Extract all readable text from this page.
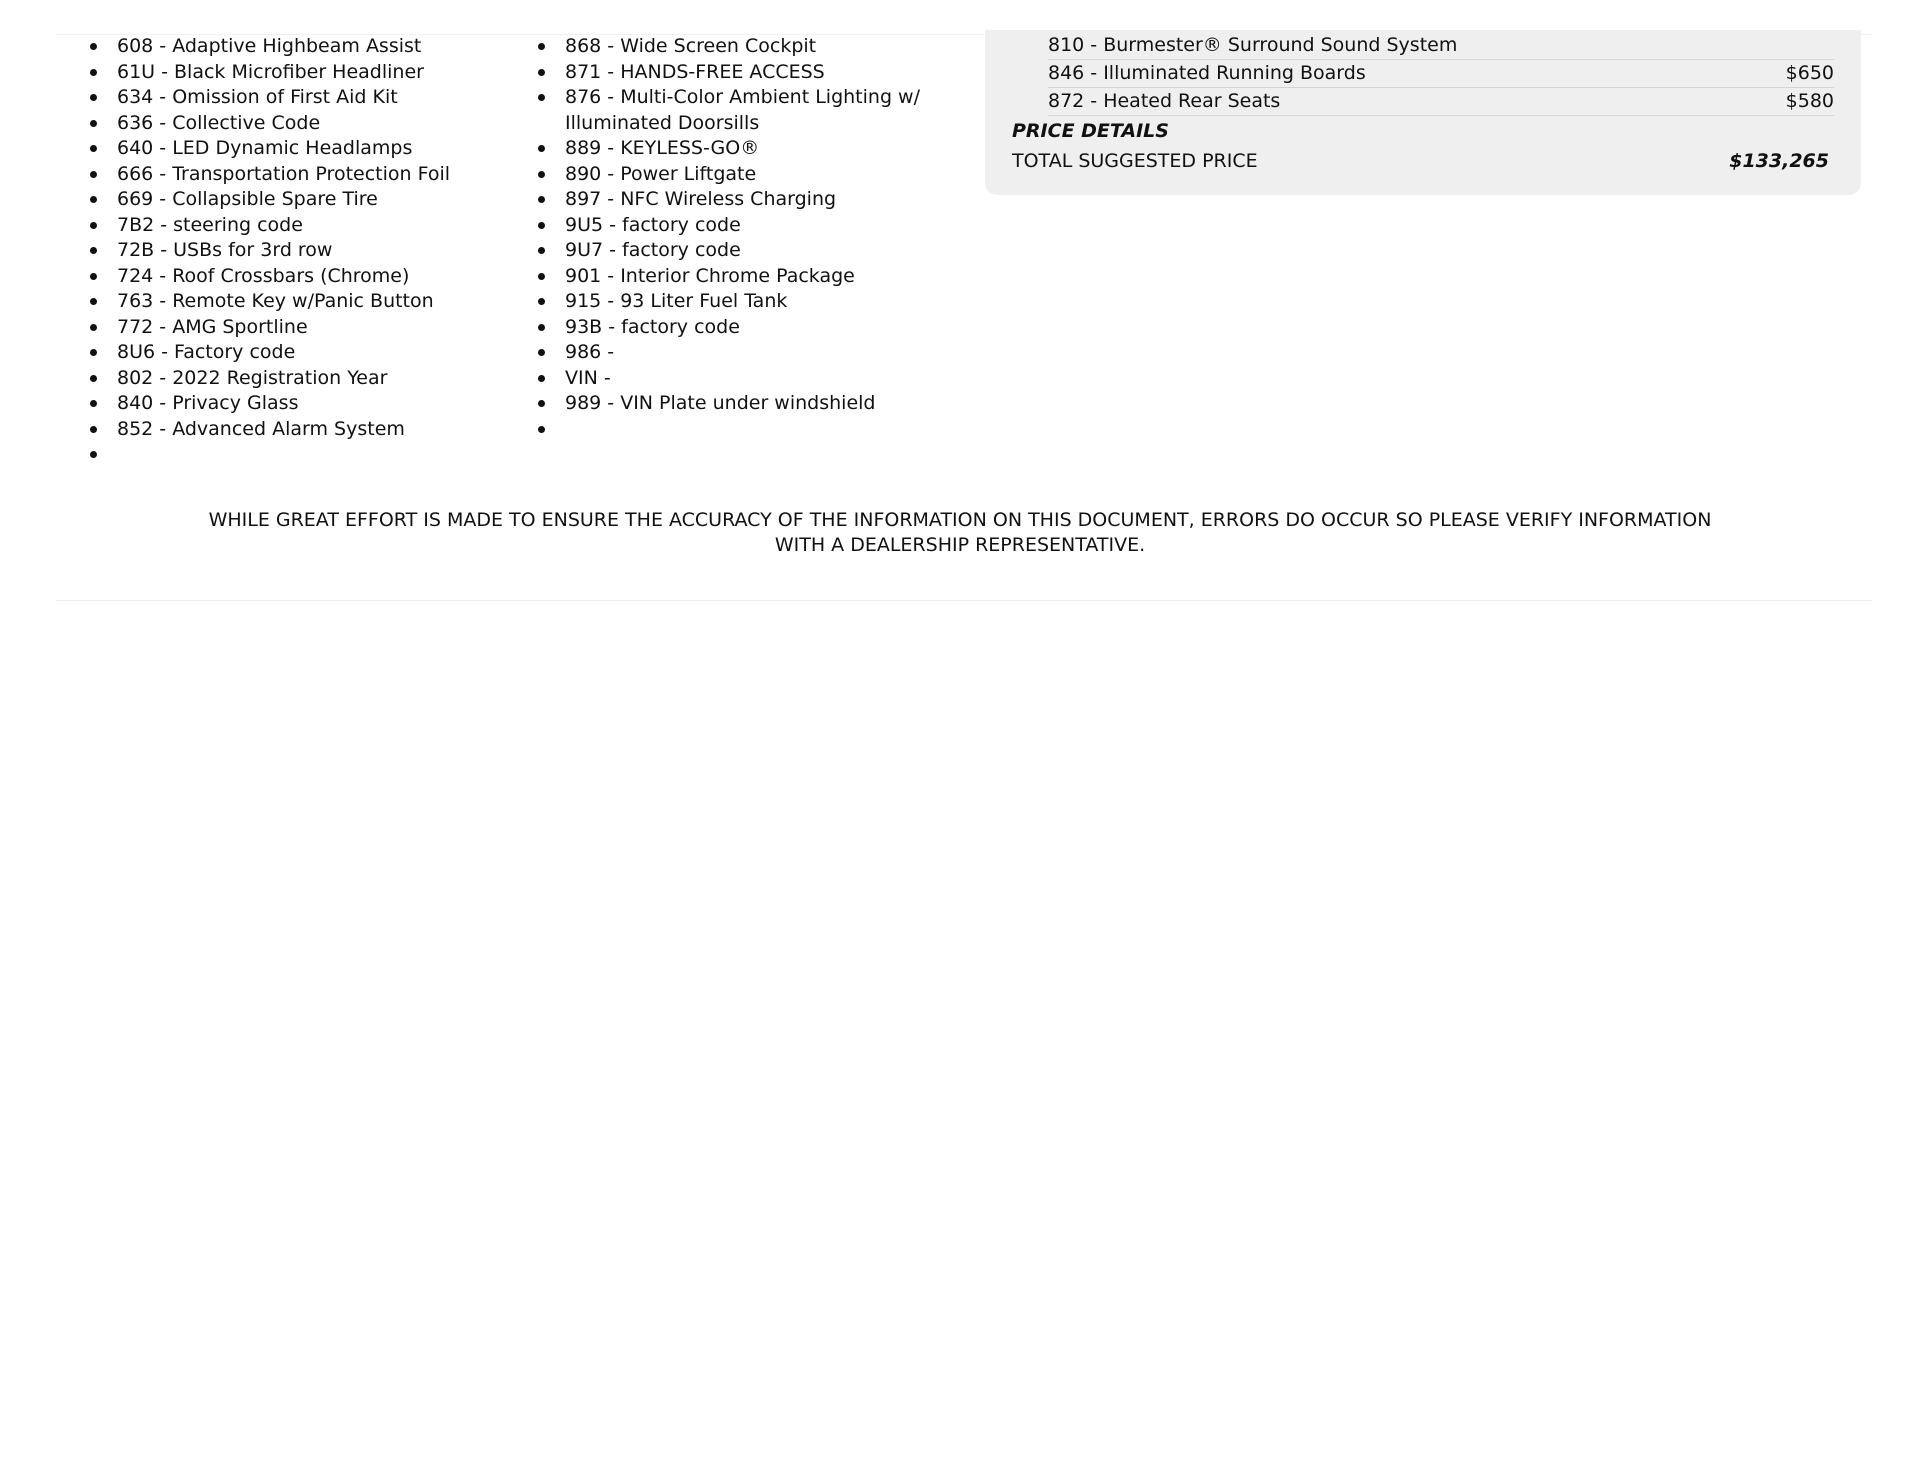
608 - Adaptive Highbeam Assist
61U - Black Microfiber Headliner
634 - Omission of First Aid Kit
636 - Collective Code
640 - LED Dynamic Headlamps
666 - Transportation Protection Foil
669 - Collapsible Spare Tire
7B2 - steering code
72B - USBs for 3rd row
724 - Roof Crossbars (Chrome)
763 - Remote Key w/Panic Button
772 - AMG Sportline
8U6 - Factory code
802 - 2022 Registration Year
840 - Privacy Glass
852 - Advanced Alarm System
868 - Wide Screen Cockpit
871 - HANDS-FREE ACCESS
876 - Multi-Color Ambient Lighting w/ Illuminated Doorsills
889 - KEYLESS-GO®
890 - Power Liftgate
897 - NFC Wireless Charging
9U5 - factory code
9U7 - factory code
901 - Interior Chrome Package
915 - 93 Liter Fuel Tank
93B - factory code
986 -
VIN -
989 - VIN Plate under windshield
810 - Burmester® Surround Sound System
846 - Illuminated Running Boards	$650
872 - Heated Rear Seats	$580
PRICE DETAILS
TOTAL SUGGESTED PRICE	$133,265
WHILE GREAT EFFORT IS MADE TO ENSURE THE ACCURACY OF THE INFORMATION ON THIS DOCUMENT, ERRORS DO OCCUR SO PLEASE VERIFY INFORMATION WITH A DEALERSHIP REPRESENTATIVE.
